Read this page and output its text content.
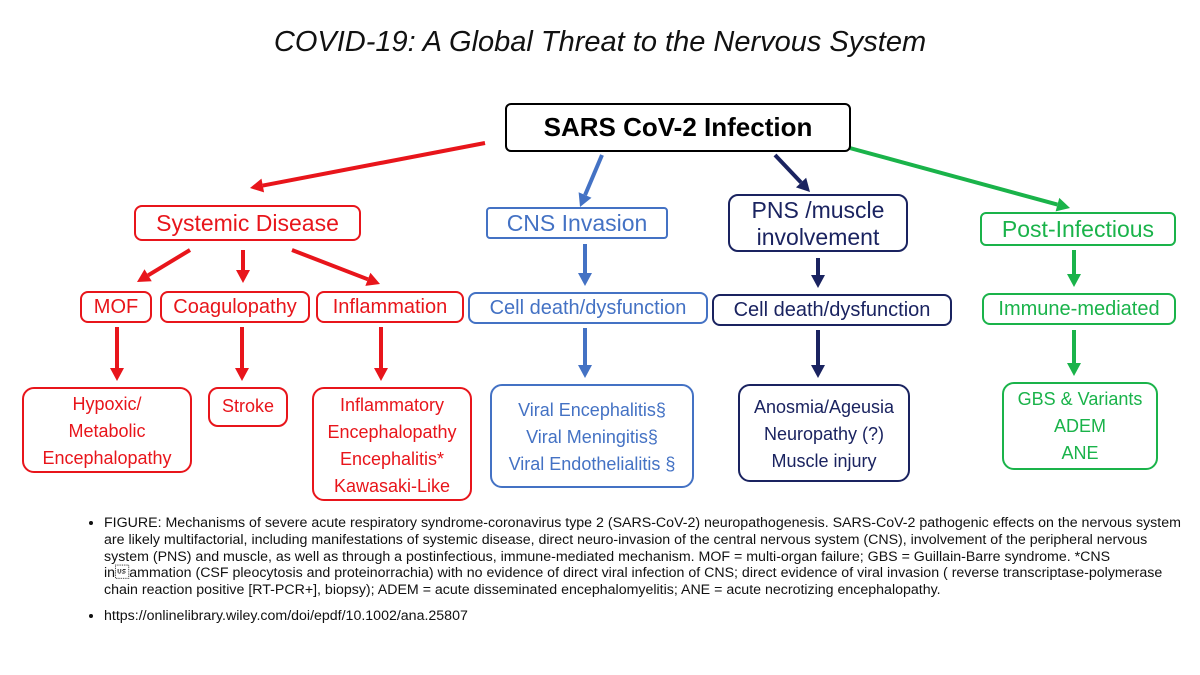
COVID-19: A Global Threat to the Nervous System
SARS CoV-2 Infection
Systemic Disease
MOF	Coagulopathy	Inflammation
Hypoxic/
Metabolic
Encephalopathy
Stroke	Inflammatory
Encephalopathy
Encephalitis*
Kawasaki-Like
CNS Invasion
Cell death/dysfunction
Viral Encephalitis§
Viral Meningitis§
Viral Endothelialitis §
PNS /muscle
involvement
Cell death/dysfunction
Anosmia/Ageusia
Neuropathy (?)
Muscle injury
Post-Infectious
Immune-mediated
GBS & Variants
ADEM
ANE
• FIGURE: Mechanisms of severe acute respiratory syndrome-coronavirus type 2 (SARS-CoV-2) neuropathogenesis. SARS-CoV-2 pathogenic effects on the nervous system are likely multifactorial, including manifestations of systemic disease, direct neuro-invasion of the central nervous system (CNS), involvement of the peripheral nervous system (PNS) and muscle, as well as through a postinfectious, immune-mediated mechanism. MOF = multi-organ failure; GBS = Guillain-Barre syndrome. *CNS inammation (CSF pleocytosis and proteinorrachia) with no evidence of direct viral infection of CNS; direct evidence of viral invasion ( reverse transcriptase-polymerase chain reaction positive [RT-PCR+], biopsy); ADEM = acute disseminated encephalomyelitis; ANE = acute necrotizing encephalopathy.
• https://onlinelibrary.wiley.com/doi/epdf/10.1002/ana.25807
